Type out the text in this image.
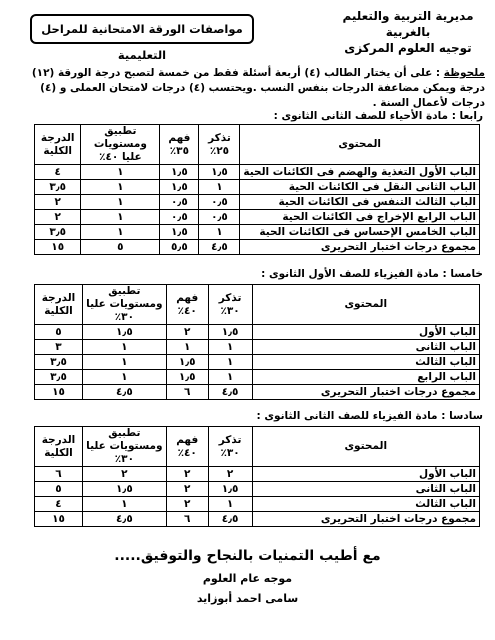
مديرية التربية والتعليم بالغربية
توجيه العلوم المركزى
مواصفات الورقة الامتحانية للمراحل التعليمية
ملحوظة : على أن يختار الطالب (٤) أربعة أسئلة فقط من خمسة لتصبح درجة الورقة (١٢) درجة ويمكن مضاعفة الدرجات بنفس النسب .ويحتسب (٤) درجات لامتحان العملى و (٤) درجات لأعمال السنة .
رابعا : مادة الأحياء للصف الثانى الثانوى :
المحتوى	تذكر ٢٥٪	فهم ٣٥٪	تطبيق ومستويات عليا ٤٠٪	الدرجة الكلية
الباب الأول التغذية والهضم فى الكائنات الحية	١٫٥	١٫٥	١	٤
الباب الثانى النقل فى الكائنات الحية	١	١٫٥	١	٣٫٥
الباب الثالث التنفس فى الكائنات الحية	٠٫٥	٠٫٥	١	٢
الباب الرابع الإخراج فى الكائنات الحية	٠٫٥	٠٫٥	١	٢
الباب الخامس الإحساس فى الكائنات الحية	١	١٫٥	١	٣٫٥
مجموع درجات اختبار التحريرى	٤٫٥	٥٫٥	٥	١٥
خامسا : مادة الفيزياء للصف الأول الثانوى :
المحتوى	تذكر ٣٠٪	فهم ٤٠٪	تطبيق ومستويات عليا ٣٠٪	الدرجة الكلية
الباب الأول	١٫٥	٢	١٫٥	٥
الباب الثانى	١	١	١	٣
الباب الثالث	١	١٫٥	١	٣٫٥
الباب الرابع	١	١٫٥	١	٣٫٥
مجموع درجات اختبار التحريرى	٤٫٥	٦	٤٫٥	١٥
سادسا : مادة الفيزياء للصف الثانى الثانوى :
المحتوى	تذكر ٣٠٪	فهم ٤٠٪	تطبيق ومستويات عليا ٣٠٪	الدرجة الكلية
الباب الأول	٢	٢	٢	٦
الباب الثانى	١٫٥	٢	١٫٥	٥
الباب الثالث	١	٢	١	٤
مجموع درجات اختبار التحريرى	٤٫٥	٦	٤٫٥	١٥
مع أطيب التمنيات بالنجاح والتوفيق.....
موجه عام العلوم
سامى احمد أبوزايد
